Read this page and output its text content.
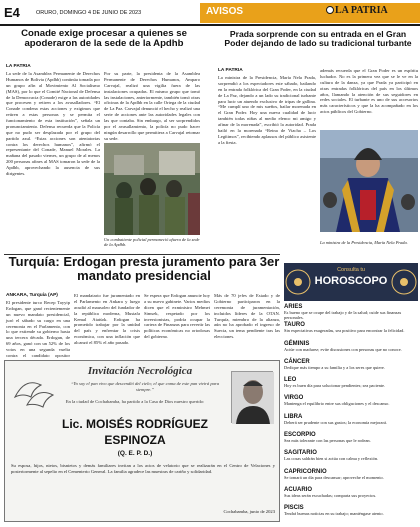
E4	ORURO, DOMINGO 4 DE JUNIO DE 2023	AVISOS	LA PATRIA
Conade exige procesar a quienes se apoderaron de la sede de la Apdhb
LA PATRIA
La sede de la Asamblea Permanente de Derechos Humanos de Bolivia (Apdhb) continúa tomada por un grupo afín al Movimiento Al Socialismo (MAS), por lo que el Comité Nacional de Defensa de la Democracia (Conade) exige a las autoridades que procesen y retiren a los avasalladores. “El Conade condena estas acciones y exigimos que retiren a estas personas y se permita el funcionamiento de esta institución”, señala un pronunciamiento. Defensa recuerda que la Policía que no pudo ser desplazada por el grupo del partido azul. “Estas acciones son atentatorias contra los derechos humanos”, afirmó el representante del Conade, Manuel Morales. La mañana del pasado viernes, un grupo de al menos 200 personas afines al MAS tomaron la sede de la Apdhb, aprovechando la ausencia de sus dirigentes.
Por su parte, la presidenta de la Asamblea Permanente de Derechos Humanos, Amparo Carvajal, realizó una vigilia fuera de las instalaciones ocupadas. El mismo grupo que tomó las instalaciones, anteriormente, también tomó otras oficinas de la Apdhb en la calle Ortega de la ciudad de La Paz. Carvajal denunció el hecho y realizó una serie de acciones ante las autoridades legales con las que contaba. Sin embargo, al ser sorprendidos por el avasallamiento, la policía no pudo hacer ningún desarrollo que permitiera a Carvajal retomar su sede.
Un combatiente policial permaneció afuera de la sede de la Apdhb.
Prada sorprende con su entrada en el Gran Poder dejando de lado su tradicional turbante
LA PATRIA
La ministra de la Presidencia, María Nela Prada, sorprendió a los espectadores este sábado, bailando en la entrada folklórica del Gran Poder, en la ciudad de La Paz, dejando a un lado su tradicional turbante para lucir un atuendo exclusivo de tripas de gallina. “Me cumplí uno de mis sueños, bailar morenada en el Gran Poder. Hoy una nueva cualidad de lucir también todas niñas al medio elenco mi amigo y afinar de la morenada”, escribió la autoridad. Prada bailó en la morenada “Reina de Viacha – Los Legítimos”, recibiendo aplausos del público asistente a la fiesta.
además recuerda que el Gran Poder es un espíritu luchador. No es la primera vez que se le ve en la cultura de la danza, ya que Prada ya participó en otras entradas folklóricas del país en los últimos años, llamando la atención de sus seguidores en redes sociales. El turbante es uno de sus accesorios más característicos y que la ha acompañado en los actos públicos del Gobierno.
La ministra de la Presidencia, María Nela Prada.
Turquía: Erdogan presta juramento para 3er mandato presidencial
ANKARA, Turquía (AP)
El presidente turco Recep Tayyip Erdogan, que ganó recientemente un nuevo mandato presidencial, juró el sábado su cargo en una ceremonia en el Parlamento, con lo que extiende su gobierno hasta una tercera década. Erdogan, de 69 años, ganó con un 52% de los votos en una segunda vuelta contra el candidato opositor
El mandatario fue juramentado en el Parlamento en Ankara y luego acudió al mausoleo del fundador de la república moderna, Mustafa Kemal Atatürk. Erdogan ha prometido trabajar por la unidad del país y enfrentar la crisis económica, con una inflación que alcanzó el 85% el año pasado.
Se espera que Erdogan anuncie hoy a su nuevo gabinete. Varios medios dicen que el exministro Mehmet Simsek, respetado por los inversionistas, podría ocupar la cartera de Finanzas para revertir las políticas económicas no ortodoxas del gobierno.
Más de 70 jefes de Estado y de Gobierno participaron en la ceremonia de juramentación, incluidos líderes de la OTAN. Turquía, miembro de la alianza, aún no ha aprobado el ingreso de Suecia, un tema pendiente tras las elecciones.
Consulta tu
HOROSCOPO
ARIES
Es bueno que se ocupe del trabajo y de la salud; cuide sus finanzas personales.
TAURO
Sin expectativas exageradas, sea positivo para encontrar la felicidad.
GÉMINIS
Actúe con madurez; evite discusiones con personas que no conoce.
CÁNCER
Dedique más tiempo a su familia y a los seres que quiere.
LEO
Hoy es buen día para solucionar pendientes; sea paciente.
VIRGO
Mantenga el equilibrio entre sus obligaciones y el descanso.
LIBRA
Deberá ser prudente con sus gastos; la economía mejorará.
ESCORPIO
Sea más tolerante con las personas que le rodean.
SAGITARIO
Las cosas saldrán bien si actúa con calma y reflexión.
CAPRICORNIO
Se tomará un día para descansar; aproveche el momento.
ACUARIO
Sus ideas serán escuchadas; comparta sus proyectos.
PISCIS
Tendrá buenas noticias en su trabajo; manténgase atento.
Invitación Necrológica
“Yo soy el pan vivo que descendió del cielo; el que coma de este pan vivirá para siempre.”
En la ciudad de Cochabamba, ha partido a la Casa de Dios nuestro querido:
Lic. MOISÉS RODRÍGUEZ
ESPINOZA
(Q. E. P. D.)
Su esposa, hijos, nietos, bisnietos y demás familiares invitan a los actos de velatorio que se realizarán en el Centro de Velaciones y posteriormente al sepelio en el Cementerio General. La familia agradece las muestras de cariño y solidaridad.
Cochabamba, junio de 2023
